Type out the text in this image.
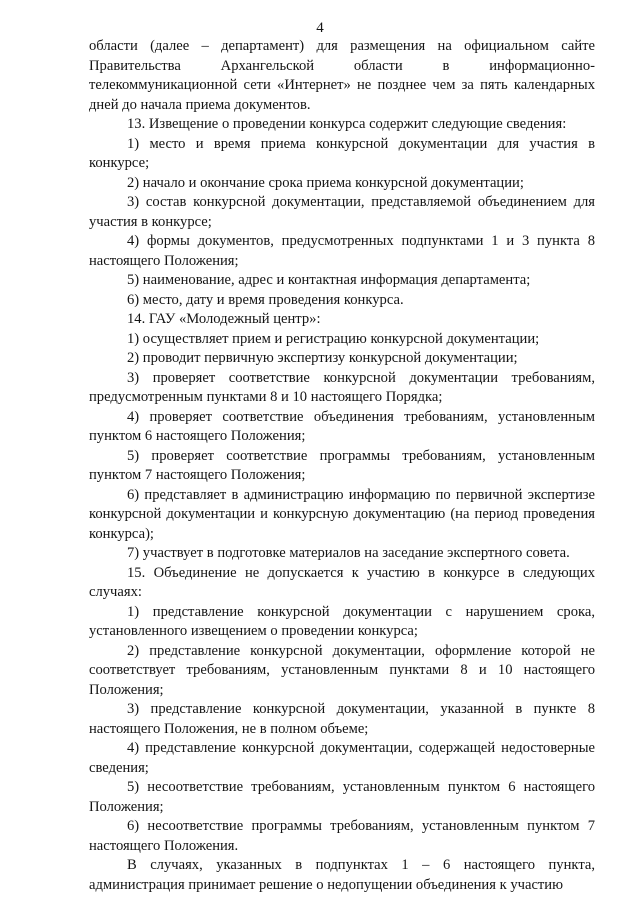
4

области (далее – департамент) для размещения на официальном сайте Правительства Архангельской области в информационно-телекоммуникационной сети «Интернет» не позднее чем за пять календарных дней до начала приема документов.

13. Извещение о проведении конкурса содержит следующие сведения:

1) место и время приема конкурсной документации для участия в конкурсе;

2) начало и окончание срока приема конкурсной документации;

3) состав конкурсной документации, представляемой объединением для участия в конкурсе;

4) формы документов, предусмотренных подпунктами 1 и 3 пункта 8 настоящего Положения;

5) наименование, адрес и контактная информация департамента;

6) место, дату и время проведения конкурса.

14. ГАУ «Молодежный центр»:

1) осуществляет прием и регистрацию конкурсной документации;

2) проводит первичную экспертизу конкурсной документации;

3) проверяет соответствие конкурсной документации требованиям, предусмотренным пунктами 8 и 10 настоящего Порядка;

4) проверяет соответствие объединения требованиям, установленным пунктом 6 настоящего Положения;

5) проверяет соответствие программы требованиям, установленным пунктом 7 настоящего Положения;

6) представляет в администрацию информацию по первичной экспертизе конкурсной документации и конкурсную документацию (на период проведения конкурса);

7) участвует в подготовке материалов на заседание экспертного совета.

15. Объединение не допускается к участию в конкурсе в следующих случаях:

1) представление конкурсной документации с нарушением срока, установленного извещением о проведении конкурса;

2) представление конкурсной документации, оформление которой не соответствует требованиям, установленным пунктами 8 и 10 настоящего Положения;

3) представление конкурсной документации, указанной в пункте 8 настоящего Положения, не в полном объеме;

4) представление конкурсной документации, содержащей недостоверные сведения;

5) несоответствие требованиям, установленным пунктом 6 настоящего Положения;

6) несоответствие программы требованиям, установленным пунктом 7 настоящего Положения.

В случаях, указанных в подпунктах 1 – 6 настоящего пункта, администрация принимает решение о недопущении объединения к участию
